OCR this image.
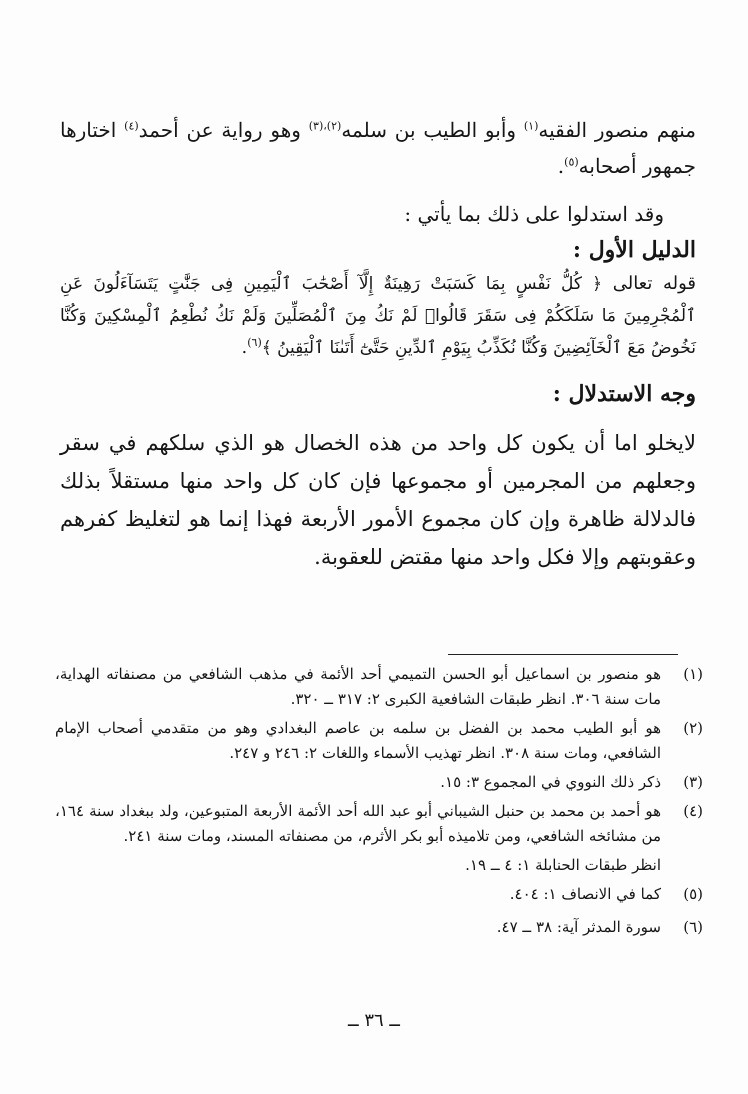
منهم منصور الفقيه$^{(١)}$ وأبو الطيب بن سلمه$^{(٢)،(٣)}$ وهو رواية عن أحمد$^{(٤)}$ اختارها جمهور أصحابه$^{(٥)}$.

وقد استدلوا على ذلك بما يأتي :

الدليل الأول :

قوله تعالى ﴿ كُلُّ نَفْسٍ بِمَا كَسَبَتْ رَهِينَةٌ إِلَّآ أَصْحَٰبَ ٱلْيَمِينِ فِى جَنَّٰتٍ يَتَسَآءَلُونَ عَنِ ٱلْمُجْرِمِينَ مَا سَلَكَكُمْ فِى سَقَرَ قَالُوا۟ لَمْ نَكُ مِنَ ٱلْمُصَلِّينَ وَلَمْ نَكُ نُطْعِمُ ٱلْمِسْكِينَ وَكُنَّا نَخُوضُ مَعَ ٱلْخَآئِضِينَ وَكُنَّا نُكَذِّبُ بِيَوْمِ ٱلدِّينِ حَتَّىٰٓ أَتَىٰنَا ٱلْيَقِينُ ﴾$^{(٦)}$.

وجه الاستدلال :

لايخلو اما أن يكون كل واحد من هذه الخصال هو الذي سلكهم في سقر وجعلهم من المجرمين أو مجموعها فإن كان كل واحد منها مستقلاً بذلك فالدلالة ظاهرة وإن كان مجموع الأمور الأربعة فهذا إنما هو لتغليظ كفرهم وعقوبتهم وإلا فكل واحد منها مقتض للعقوبة.

(١)
هو منصور بن اسماعيل أبو الحسن التميمي أحد الأئمة في مذهب الشافعي من مصنفاته الهداية، مات سنة ٣٠٦. انظر طبقات الشافعية الكبرى ٢: ٣١٧ ــ ٣٢٠.
(٢)
هو أبو الطيب محمد بن الفضل بن سلمه بن عاصم البغدادي وهو من متقدمي أصحاب الإمام الشافعي، ومات سنة ٣٠٨. انظر تهذيب الأسماء واللغات ٢: ٢٤٦ و ٢٤٧.
(٣)
ذكر ذلك النووي في المجموع ٣: ١٥.
(٤)
هو أحمد بن محمد بن حنبل الشيباني أبو عبد الله أحد الأئمة الأربعة المتبوعين، ولد ببغداد سنة ١٦٤، من مشائخه الشافعي، ومن تلاميذه أبو بكر الأثرم، من مصنفاته المسند، ومات سنة ٢٤١.
انظر طبقات الحنابلة ١: ٤ ــ ١٩.
(٥)
كما في الانصاف ١: ٤٠٤.
(٦)
سورة المدثر آية: ٣٨ ــ ٤٧.
ــ ٣٦ ــ
